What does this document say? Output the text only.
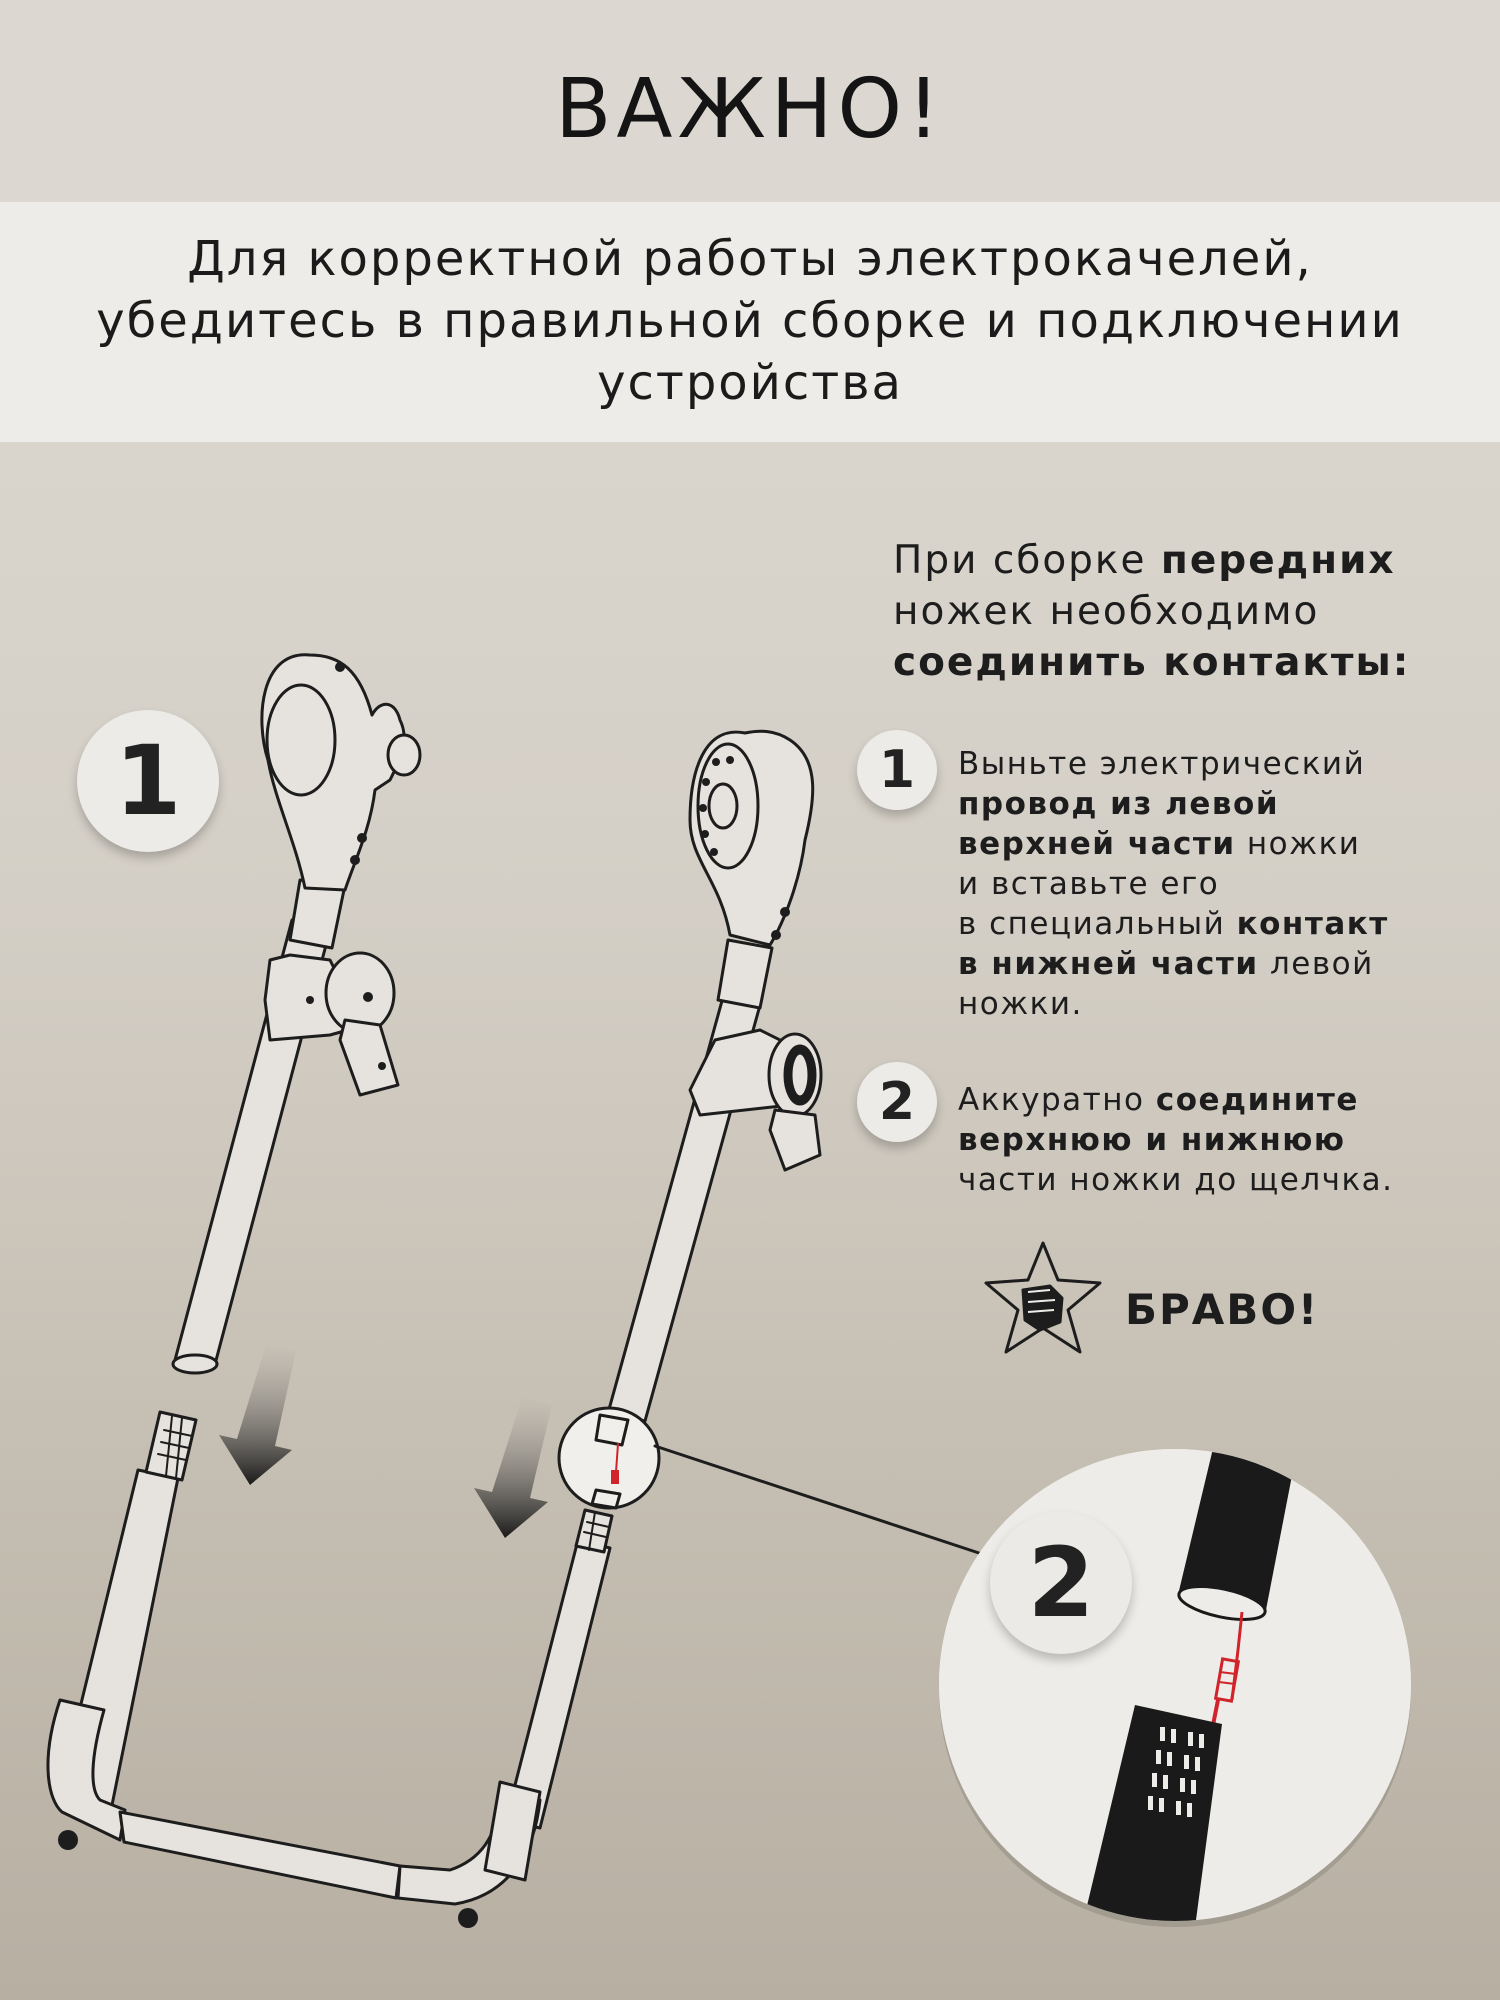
ВАЖНО!
Для корректной работы электрокачелей,
убедитесь в правильной сборке и подключении
устройства
1
2
При сборке передних
ножек необходимо
соединить контакты:
1	Выньте электрический
провод из левой
верхней части ножки
и вставьте его
в специальный контакт
в нижней части левой
ножки.
2	Аккуратно соедините
верхнюю и нижнюю
части ножки до щелчка.
БРАВО!
